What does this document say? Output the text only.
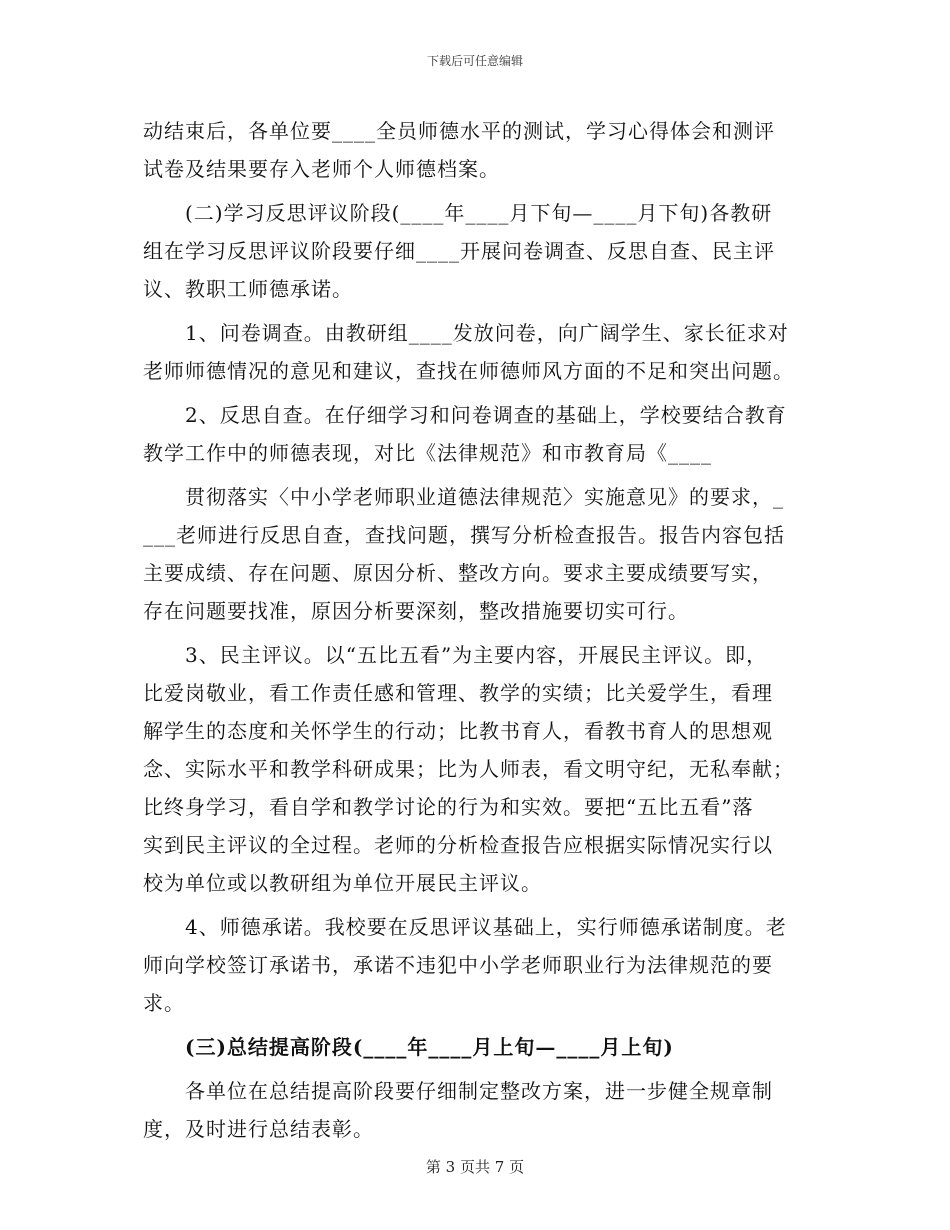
下载后可任意编辑
动结束后，各单位要____全员师德水平的测试，学习心得体会和测评
试卷及结果要存入老师个人师德档案。
(二)学习反思评议阶段(____年____月下旬—____月下旬)各教研
组在学习反思评议阶段要仔细____开展问卷调查、反思自查、民主评
议、教职工师德承诺。
1、问卷调查。由教研组____发放问卷，向广阔学生、家长征求对
老师师德情况的意见和建议，查找在师德师风方面的不足和突出问题。
2、反思自查。在仔细学习和问卷调查的基础上，学校要结合教育
教学工作中的师德表现，对比《法律规范》和市教育局《____
贯彻落实〈中小学老师职业道德法律规范〉实施意见》的要求，_
___老师进行反思自查，查找问题，撰写分析检查报告。报告内容包括
主要成绩、存在问题、原因分析、整改方向。要求主要成绩要写实，
存在问题要找准，原因分析要深刻，整改措施要切实可行。
3、民主评议。以“五比五看”为主要内容，开展民主评议。即，
比爱岗敬业，看工作责任感和管理、教学的实绩；比关爱学生，看理
解学生的态度和关怀学生的行动；比教书育人，看教书育人的思想观
念、实际水平和教学科研成果；比为人师表，看文明守纪，无私奉献；
比终身学习，看自学和教学讨论的行为和实效。要把“五比五看”落
实到民主评议的全过程。老师的分析检查报告应根据实际情况实行以
校为单位或以教研组为单位开展民主评议。
4、师德承诺。我校要在反思评议基础上，实行师德承诺制度。老
师向学校签订承诺书，承诺不违犯中小学老师职业行为法律规范的要
求。
(三)总结提高阶段(____年____月上旬—____月上旬)
各单位在总结提高阶段要仔细制定整改方案，进一步健全规章制
度，及时进行总结表彰。
第 3 页共 7 页
